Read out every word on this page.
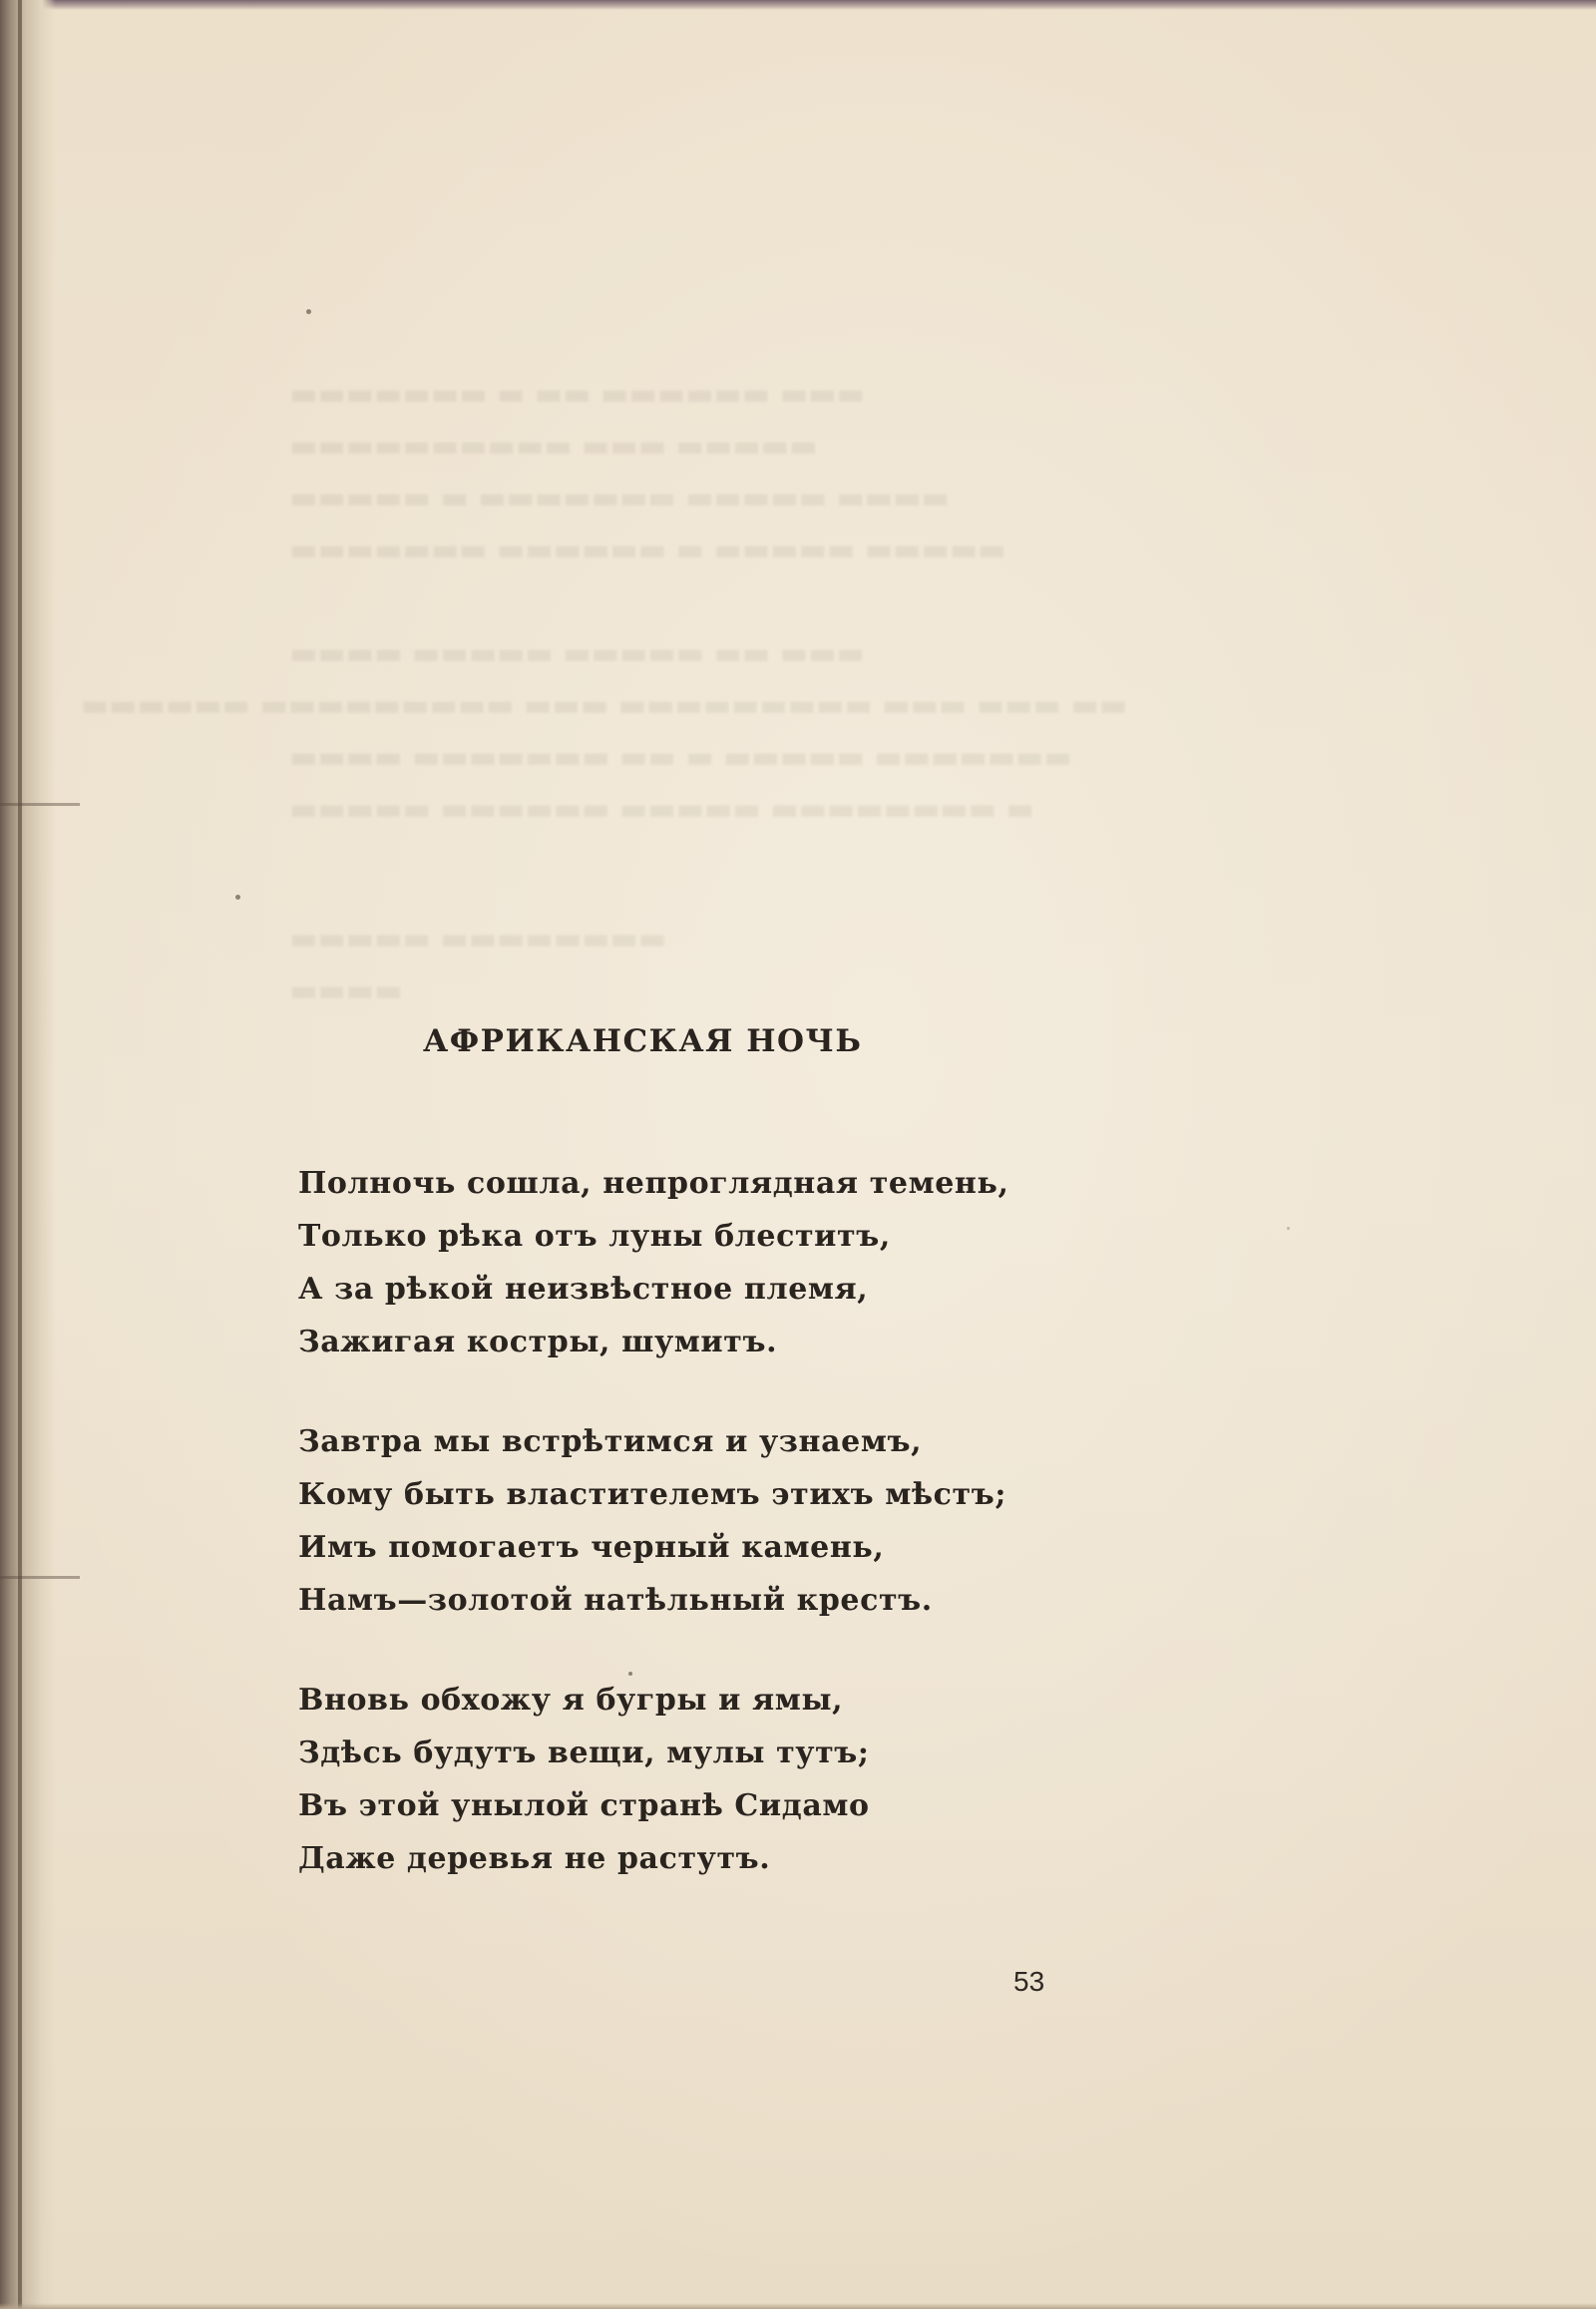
▬▬▬ ▬▬▬▬▬▬ ▬▬ ▬ ▬▬▬▬▬▬▬
▬▬▬▬▬ ▬▬▬ ▬▬▬▬▬▬▬▬▬▬
▬▬▬▬ ▬▬▬▬▬ ▬▬▬▬▬▬▬ ▬ ▬▬▬▬▬
▬▬▬▬▬ ▬▬▬▬▬ ▬ ▬▬▬▬▬▬ ▬▬▬▬▬▬▬
▬▬▬ ▬▬ ▬▬▬▬▬ ▬▬▬▬▬ ▬▬▬▬
▬▬ ▬▬▬ ▬▬▬ ▬▬▬▬▬▬▬▬▬ ▬▬▬ ▬▬▬▬▬▬▬▬▬ ▬▬▬▬▬▬
▬▬▬▬▬▬▬ ▬▬▬▬▬ ▬ ▬▬ ▬▬▬▬▬▬▬ ▬▬▬▬
▬ ▬▬▬▬▬▬▬▬ ▬▬▬▬▬ ▬▬▬▬▬▬ ▬▬▬▬▬
▬▬▬▬▬▬▬▬ ▬▬▬▬▬
▬▬▬▬
АФРИКАНСКАЯ НОЧЬ
Полночь сошла, непроглядная темень,
Только рѣка отъ луны блеститъ,
А за рѣкой неизвѣстное племя,
Зажигая костры, шумитъ.
Завтра мы встрѣтимся и узнаемъ,
Кому быть властителемъ этихъ мѣстъ;
Имъ помогаетъ черный камень,
Намъ—золотой натѣльный крестъ.
Вновь обхожу я бугры и ямы,
Здѣсь будутъ вещи, мулы тутъ;
Въ этой унылой странѣ Сидамо
Даже деревья не растутъ.
53
